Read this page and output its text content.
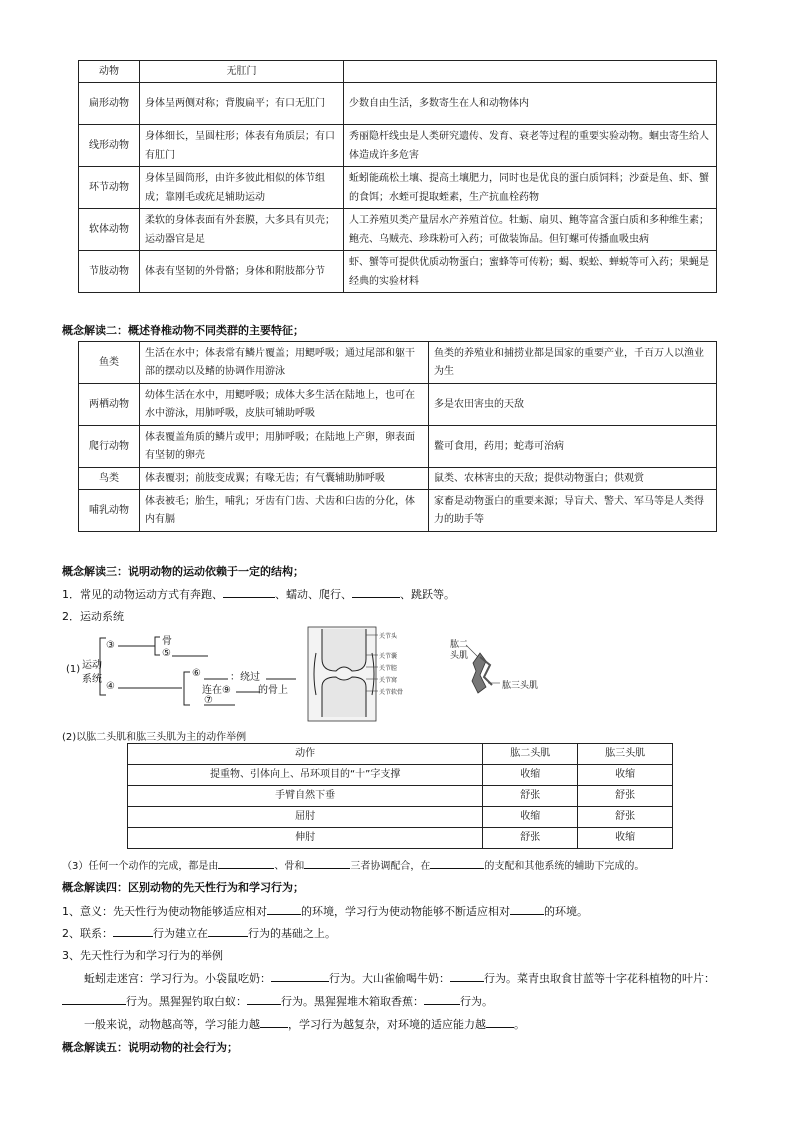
动物	无肛门	
扁形动物	身体呈两侧对称；背腹扁平；有口无肛门	少数自由生活，多数寄生在人和动物体内
线形动物	身体细长，呈圆柱形；体表有角质层；有口有肛门	秀丽隐杆线虫是人类研究遗传、发育、衰老等过程的重要实验动物。蛔虫寄生给人体造成许多危害
环节动物	身体呈圆筒形，由许多彼此相似的体节组成；靠刚毛或疣足辅助运动	蚯蚓能疏松土壤、提高土壤肥力，同时也是优良的蛋白质饲料；沙蚕是鱼、虾、蟹的食饵；水蛭可提取蛭素，生产抗血栓药物
软体动物	柔软的身体表面有外套膜，大多具有贝壳；运动器官是足	人工养殖贝类产量居水产养殖首位。牡蛎、扇贝、鲍等富含蛋白质和多种维生素；鲍壳、乌贼壳、珍珠粉可入药；可做装饰品。但钉螺可传播血吸虫病
节肢动物	体表有坚韧的外骨骼；身体和附肢都分节	虾、蟹等可提供优质动物蛋白；蜜蜂等可传粉；蝎、蜈蚣、蝉蜕等可入药；果蝇是经典的实验材料
概念解读二：概述脊椎动物不同类群的主要特征；
鱼类	生活在水中；体表常有鳞片覆盖；用鳃呼吸；通过尾部和躯干部的摆动以及鳍的协调作用游泳	鱼类的养殖业和捕捞业都是国家的重要产业，千百万人以渔业为生
两栖动物	幼体生活在水中，用鳃呼吸；成体大多生活在陆地上，也可在水中游泳，用肺呼吸，皮肤可辅助呼吸	多是农田害虫的天敌
爬行动物	体表覆盖角质的鳞片或甲；用肺呼吸；在陆地上产卵，卵表面有坚韧的卵壳	鳖可食用，药用；蛇毒可治病
鸟类	体表覆羽；前肢变成翼；有喙无齿；有气囊辅助肺呼吸	鼠类、农林害虫的天敌；提供动物蛋白；供观赏
哺乳动物	体表被毛；胎生，哺乳；牙齿有门齿、犬齿和臼齿的分化，体内有膈	家畜是动物蛋白的重要来源；导盲犬、警犬、军马等是人类得力的助手等
概念解读三：说明动物的运动依赖于一定的结构；
1．常见的动物运动方式有奔跑、	、蠕动、爬行、	、跳跃等。
2．运动系统
(1) 运动
系统
③	骨
⑤
④
⑥	：绕过
⑦
连在⑨	的骨上
关节头
关节囊
关节腔
关节窝
关节软骨
肱二头肌
肱三头肌
(2)以肱二头肌和肱三头肌为主的动作举例
动作	肱二头肌	肱三头肌
提重物、引体向上、吊环项目的“十”字支撑	收缩	收缩
手臂自然下垂	舒张	舒张
屈肘	收缩	舒张
伸肘	舒张	收缩
（3）任何一个动作的完成，都是由	、骨和	三者协调配合，在	的支配和其他系统的辅助下完成的。
概念解读四：区别动物的先天性行为和学习行为；
1、意义：先天性行为使动物能够适应相对	的环境，学习行为使动物能够不断适应相对	的环境。
2、联系：	行为建立在	行为的基础之上。
3、先天性行为和学习行为的举例
蚯蚓走迷宫：学习行为。小袋鼠吃奶：	行为。大山雀偷喝牛奶：	行为。菜青虫取食甘蓝等十字花科植物的叶片：
行为。黑猩猩钓取白蚁：	行为。黑猩猩堆木箱取香蕉：	行为。
一般来说，动物越高等，学习能力越	，学习行为越复杂，对环境的适应能力越	。
概念解读五：说明动物的社会行为；
